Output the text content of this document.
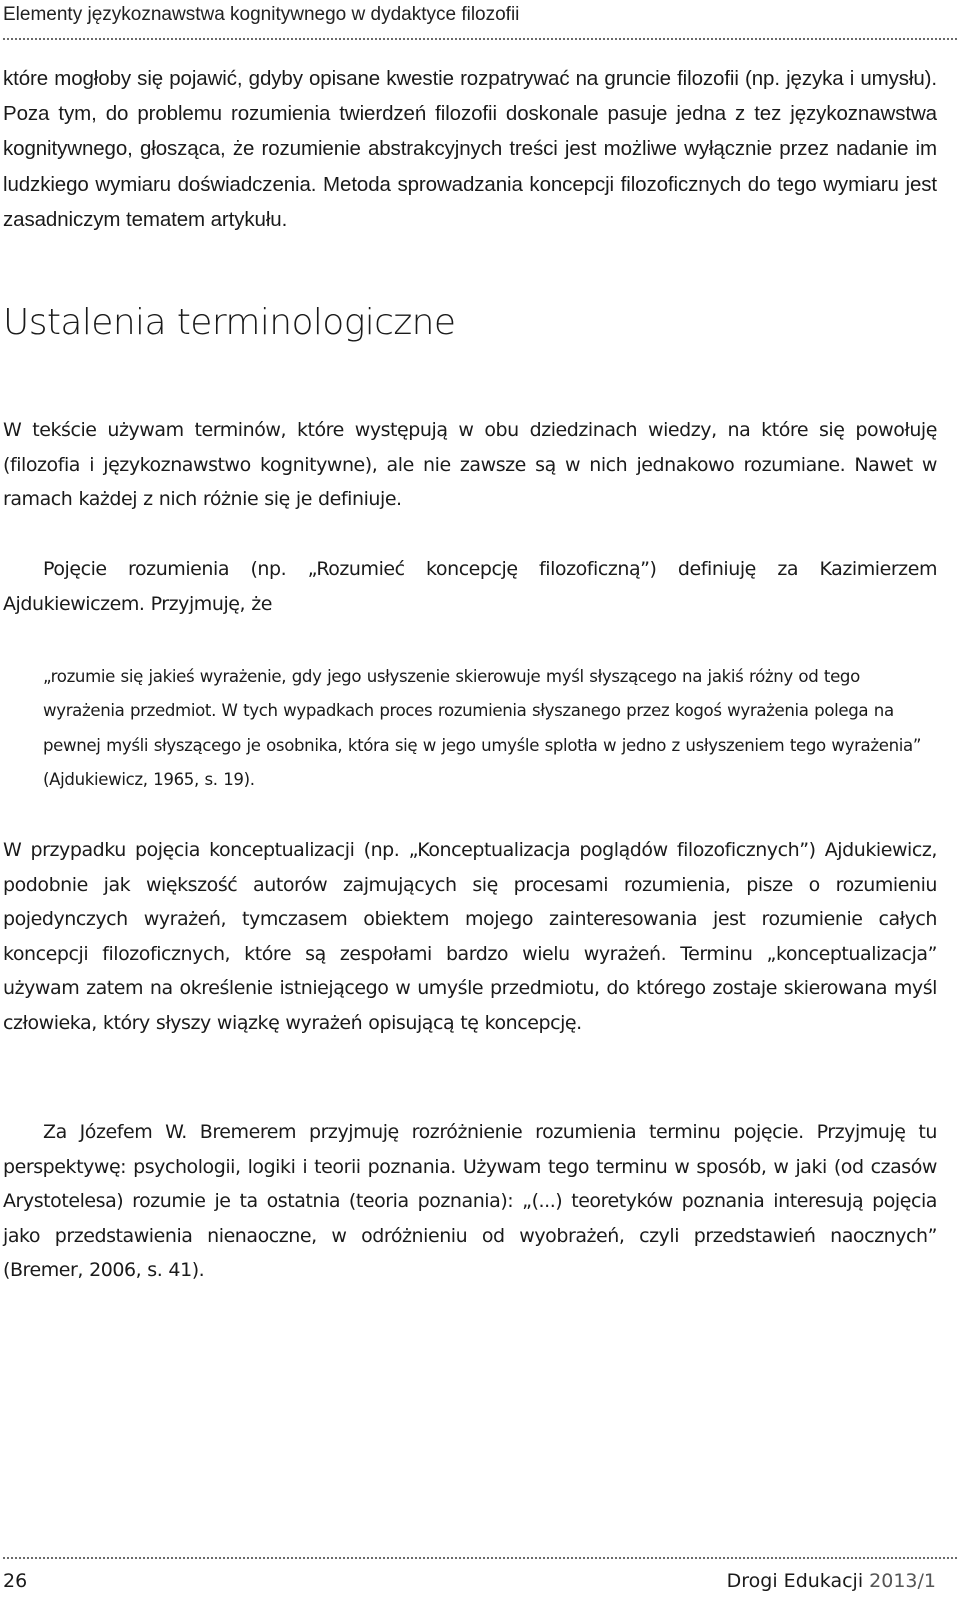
Elementy językoznawstwa kognitywnego w dydaktyce filozofii

które mogłoby się pojawić, gdyby opisane kwestie rozpatrywać na gruncie filozofii (np. języka i umysłu). Poza tym, do problemu rozumienia twierdzeń filozofii doskonale pasuje jedna z tez językoznawstwa kognitywnego, głosząca, że rozumienie abstrakcyjnych treści jest możliwe wyłącznie przez nadanie im ludzkiego wymiaru doświadczenia. Metoda sprowadzania koncepcji filozoficznych do tego wymiaru jest zasadniczym tematem artykułu.

Ustalenia terminologiczne

W tekście używam terminów, które występują w obu dziedzinach wiedzy, na które się powołuję (filozofia i językoznawstwo kognitywne), ale nie zawsze są w nich jednakowo rozumiane. Nawet w ramach każdej z nich różnie się je definiuje.

Pojęcie rozumienia (np. „Rozumieć koncepcję filozoficzną”) definiuję za Kazimierzem Ajdukiewiczem. Przyjmuję, że

„rozumie się jakieś wyrażenie, gdy jego usłyszenie skierowuje myśl słyszącego na jakiś różny od tego wyrażenia przedmiot. W tych wypadkach proces rozumienia słyszanego przez kogoś wyrażenia polega na pewnej myśli słyszącego je osobnika, która się w jego umyśle splotła w jedno z usłyszeniem tego wyrażenia” (Ajdukiewicz, 1965, s. 19).

W przypadku pojęcia konceptualizacji (np. „Konceptualizacja poglądów filozoficznych”) Ajdukiewicz, podobnie jak większość autorów zajmujących się procesami rozumienia, pisze o rozumieniu pojedynczych wyrażeń, tymczasem obiektem mojego zainteresowania jest rozumienie całych koncepcji filozoficznych, które są zespołami bardzo wielu wyrażeń. Terminu „konceptualizacja” używam zatem na określenie istniejącego w umyśle przedmiotu, do którego zostaje skierowana myśl człowieka, który słyszy wiązkę wyrażeń opisującą tę koncepcję.

Za Józefem W. Bremerem przyjmuję rozróżnienie rozumienia terminu pojęcie. Przyjmuję tu perspektywę: psychologii, logiki i teorii poznania. Używam tego terminu w sposób, w jaki (od czasów Arystotelesa) rozumie je ta ostatnia (teoria poznania): „(...) teoretyków poznania interesują pojęcia jako przedstawienia nienaoczne, w odróżnieniu od wyobrażeń, czyli przedstawień naocznych” (Bremer, 2006, s. 41).

26	Drogi Edukacji 2013/1
